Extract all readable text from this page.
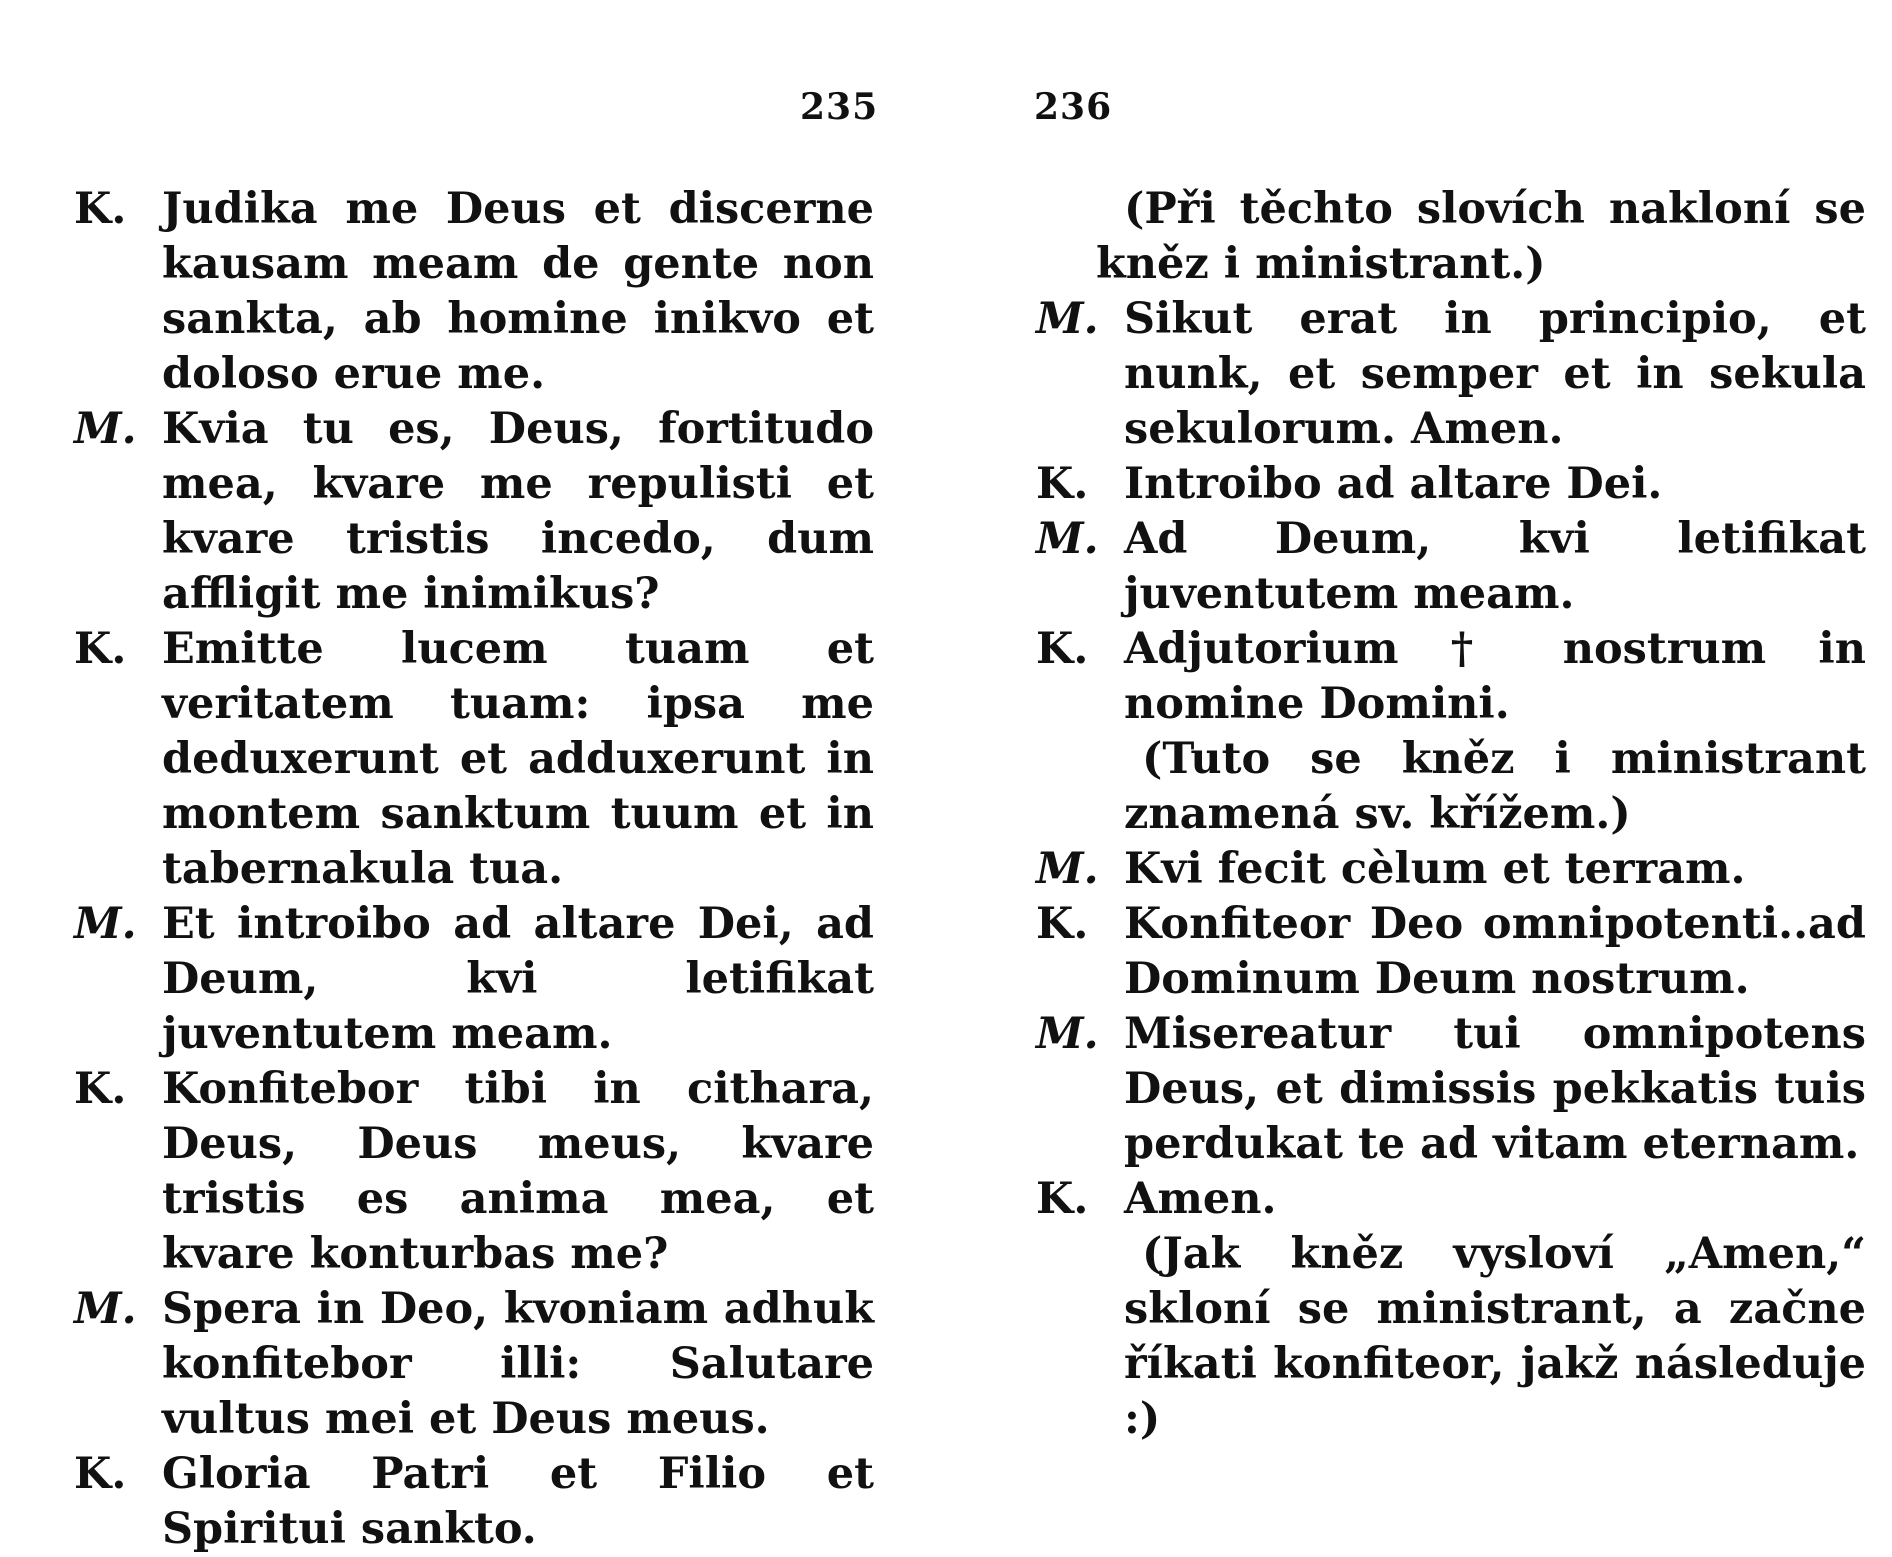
235
K. Judika me Deus et discerne kausam meam de gente non sankta, ab homine inikvo et doloso erue me.
M. Kvia tu es, Deus, fortitudo mea, kvare me repulisti et kvare tristis incedo, dum affligit me inimikus?
K. Emitte lucem tuam et veritatem tuam: ipsa me deduxerunt et adduxerunt in montem sanktum tuum et in tabernakula tua.
M. Et introibo ad altare Dei, ad Deum, kvi letifikat juventutem meam.
K. Konfitebor tibi in cithara, Deus, Deus meus, kvare tristis es anima mea, et kvare konturbas me?
M. Spera in Deo, kvoniam adhuk konfitebor illi: Salutare vultus mei et Deus meus.
K. Gloria Patri et Filio et Spiritui sankto.
236
(Při těchto slovích nakloní se kněz i ministrant.)
M. Sikut erat in principio, et nunk, et semper et in sekula sekulorum. Amen.
K. Introibo ad altare Dei.
M. Ad Deum, kvi letifikat juventutem meam.
K. Adjutorium † nostrum in nomine Domini.
(Tuto se kněz i ministrant znamená sv. křížem.)
M. Kvi fecit cèlum et terram.
K. Konfiteor Deo omnipotenti..ad Dominum Deum nostrum.
M. Misereatur tui omnipotens Deus, et dimissis pekkatis tuis perdukat te ad vitam eternam.
K. Amen.
(Jak kněz vysloví „Amen,“ skloní se ministrant, a začne říkati konfiteor, jakž následuje :)
